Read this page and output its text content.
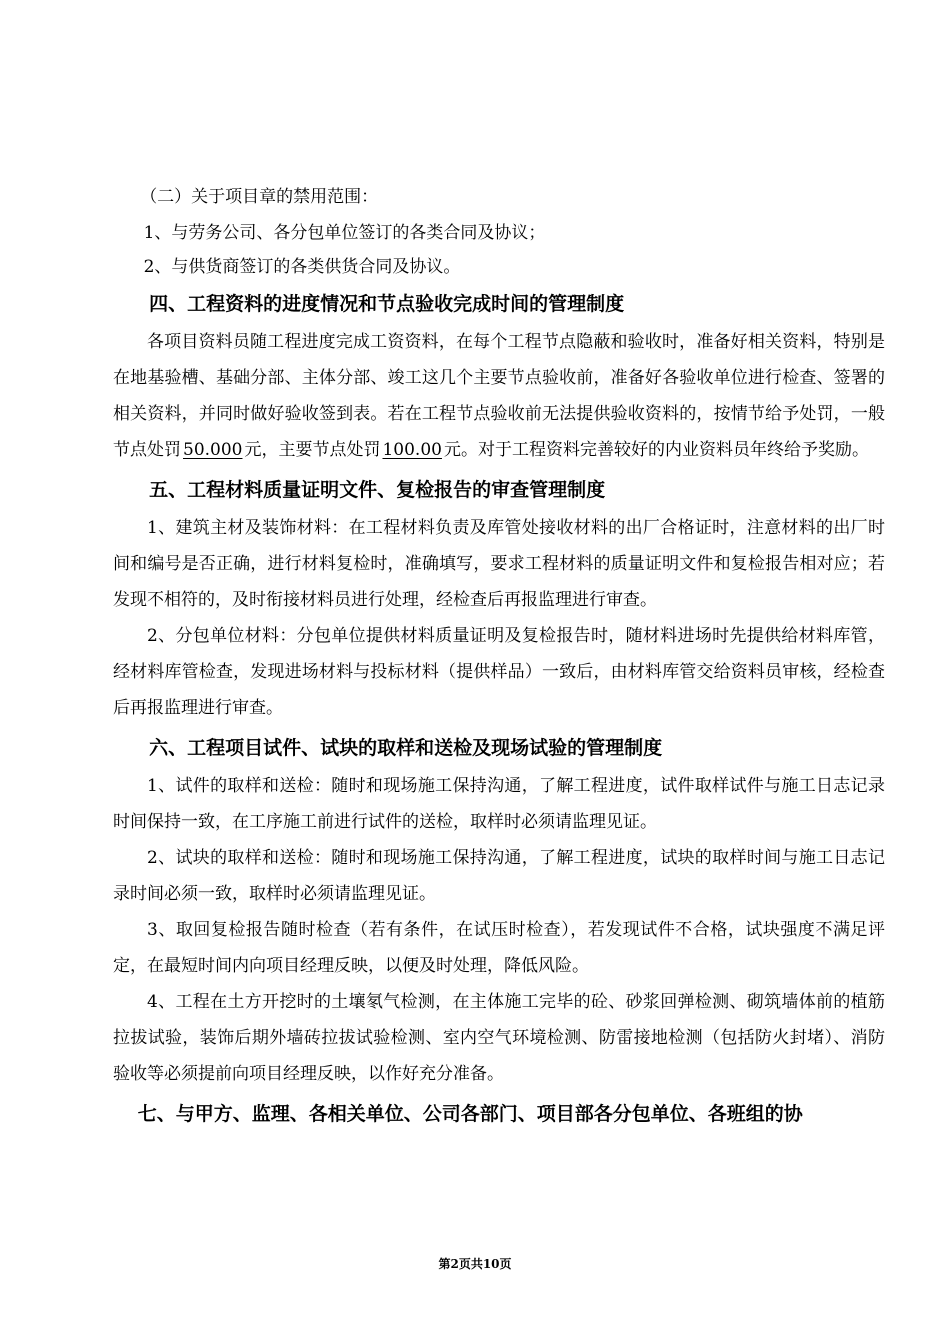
（二）关于项目章的禁用范围：
1、与劳务公司、各分包单位签订的各类合同及协议；
2、与供货商签订的各类供货合同及协议。
四、工程资料的进度情况和节点验收完成时间的管理制度

各项目资料员随工程进度完成工资资料，在每个工程节点隐蔽和验收时，准备好相关资料，特别是在地基验槽、基础分部、主体分部、竣工这几个主要节点验收前，准备好各验收单位进行检查、签署的相关资料，并同时做好验收签到表。若在工程节点验收前无法提供验收资料的，按情节给予处罚，一般节点处罚 50.000 元，主要节点处罚 100.00 元。对于工程资料完善较好的内业资料员年终给予奖励。

五、工程材料质量证明文件、复检报告的审查管理制度

1、建筑主材及装饰材料：在工程材料负责及库管处接收材料的出厂合格证时，注意材料的出厂时间和编号是否正确，进行材料复检时，准确填写，要求工程材料的质量证明文件和复检报告相对应；若发现不相符的，及时衔接材料员进行处理，经检查后再报监理进行审查。

2、分包单位材料：分包单位提供材料质量证明及复检报告时，随材料进场时先提供给材料库管，经材料库管检查，发现进场材料与投标材料（提供样品）一致后，由材料库管交给资料员审核，经检查后再报监理进行审查。

六、工程项目试件、试块的取样和送检及现场试验的管理制度

1、试件的取样和送检：随时和现场施工保持沟通，了解工程进度，试件取样试件与施工日志记录时间保持一致，在工序施工前进行试件的送检，取样时必须请监理见证。

2、试块的取样和送检：随时和现场施工保持沟通，了解工程进度，试块的取样时间与施工日志记录时间必须一致，取样时必须请监理见证。

3、取回复检报告随时检查（若有条件，在试压时检查），若发现试件不合格，试块强度不满足评定，在最短时间内向项目经理反映，以便及时处理，降低风险。

4、工程在土方开挖时的土壤氡气检测，在主体施工完毕的砼、砂浆回弹检测、砌筑墙体前的植筋拉拔试验，装饰后期外墙砖拉拔试验检测、室内空气环境检测、防雷接地检测（包括防火封堵）、消防验收等必须提前向项目经理反映，以作好充分准备。

七、与甲方、监理、各相关单位、公司各部门、项目部各分包单位、各班组的协
第2页共10页
